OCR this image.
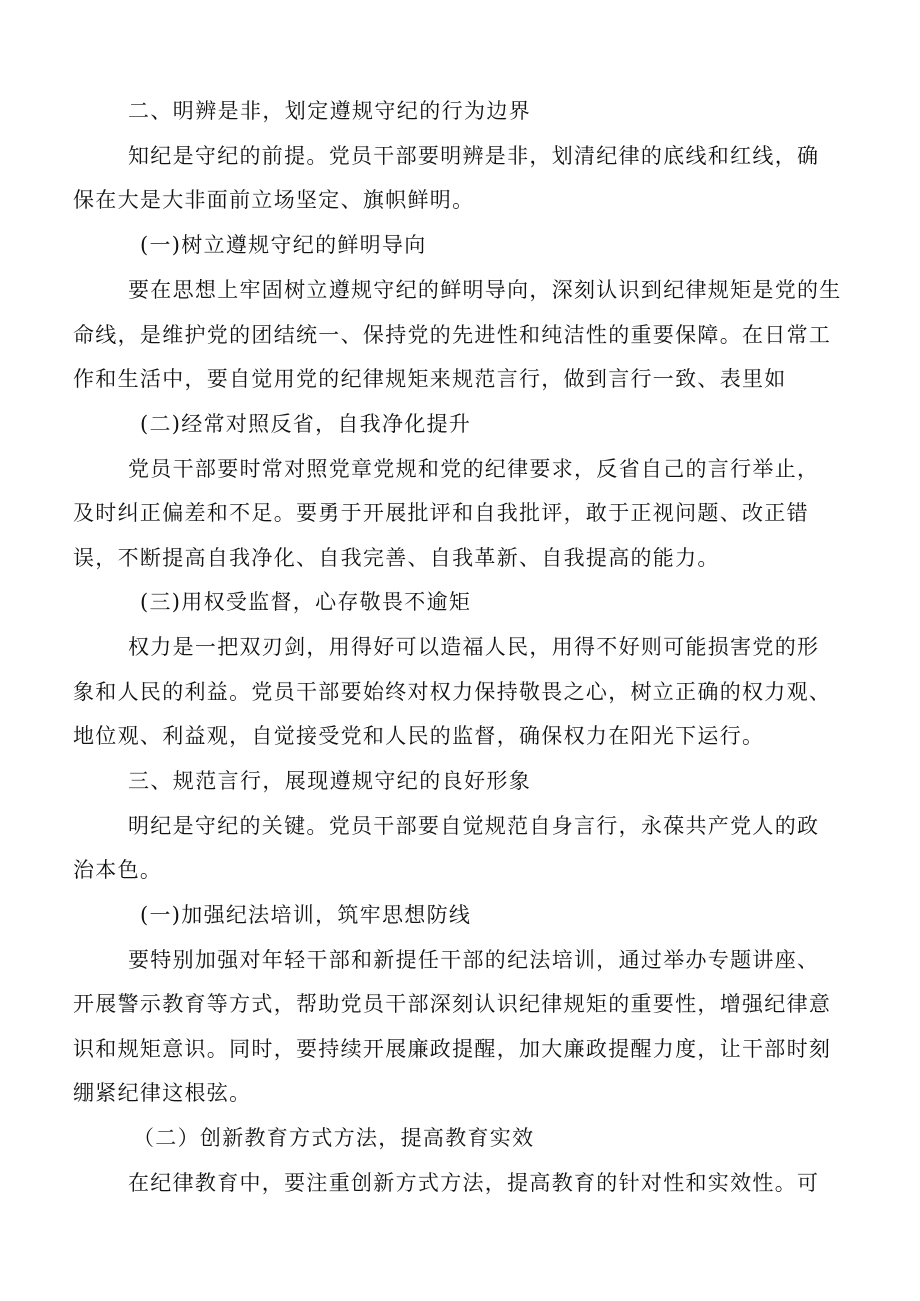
二、明辨是非，划定遵规守纪的行为边界
知纪是守纪的前提。党员干部要明辨是非，划清纪律的底线和红线，确
保在大是大非面前立场坚定、旗帜鲜明。
(一)树立遵规守纪的鲜明导向
要在思想上牢固树立遵规守纪的鲜明导向，深刻认识到纪律规矩是党的生
命线，是维护党的团结统一、保持党的先进性和纯洁性的重要保障。在日常工
作和生活中，要自觉用党的纪律规矩来规范言行，做到言行一致、表里如
(二)经常对照反省，自我净化提升
党员干部要时常对照党章党规和党的纪律要求，反省自己的言行举止，
及时纠正偏差和不足。要勇于开展批评和自我批评，敢于正视问题、改正错
误，不断提高自我净化、自我完善、自我革新、自我提高的能力。
(三)用权受监督，心存敬畏不逾矩
权力是一把双刃剑，用得好可以造福人民，用得不好则可能损害党的形
象和人民的利益。党员干部要始终对权力保持敬畏之心，树立正确的权力观、
地位观、利益观，自觉接受党和人民的监督，确保权力在阳光下运行。
三、规范言行，展现遵规守纪的良好形象
明纪是守纪的关键。党员干部要自觉规范自身言行，永葆共产党人的政
治本色。
(一)加强纪法培训，筑牢思想防线
要特别加强对年轻干部和新提任干部的纪法培训，通过举办专题讲座、
开展警示教育等方式，帮助党员干部深刻认识纪律规矩的重要性，增强纪律意
识和规矩意识。同时，要持续开展廉政提醒，加大廉政提醒力度，让干部时刻
绷紧纪律这根弦。
（二）创新教育方式方法，提高教育实效
在纪律教育中，要注重创新方式方法，提高教育的针对性和实效性。可
